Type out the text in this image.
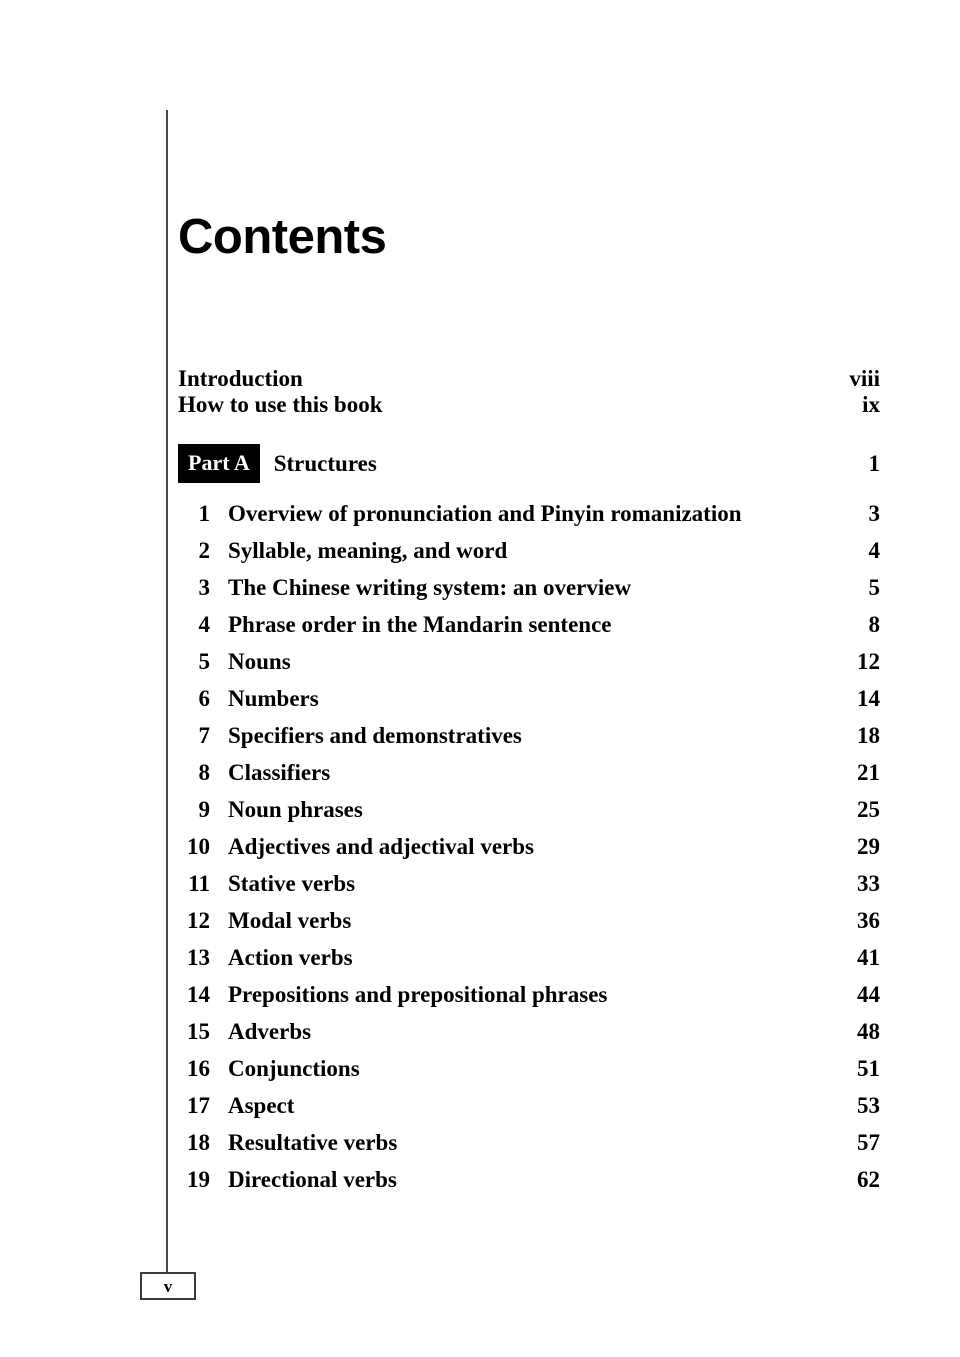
v
Contents
Introduction	viii
How to use this book	ix
Part A	Structures	1
1 Overview of pronunciation and Pinyin romanization	3
2 Syllable, meaning, and word	4
3 The Chinese writing system: an overview	5
4 Phrase order in the Mandarin sentence	8
5 Nouns	12
6 Numbers	14
7 Specifiers and demonstratives	18
8 Classifiers	21
9 Noun phrases	25
10 Adjectives and adjectival verbs	29
11 Stative verbs	33
12 Modal verbs	36
13 Action verbs	41
14 Prepositions and prepositional phrases	44
15 Adverbs	48
16 Conjunctions	51
17 Aspect	53
18 Resultative verbs	57
19 Directional verbs	62
